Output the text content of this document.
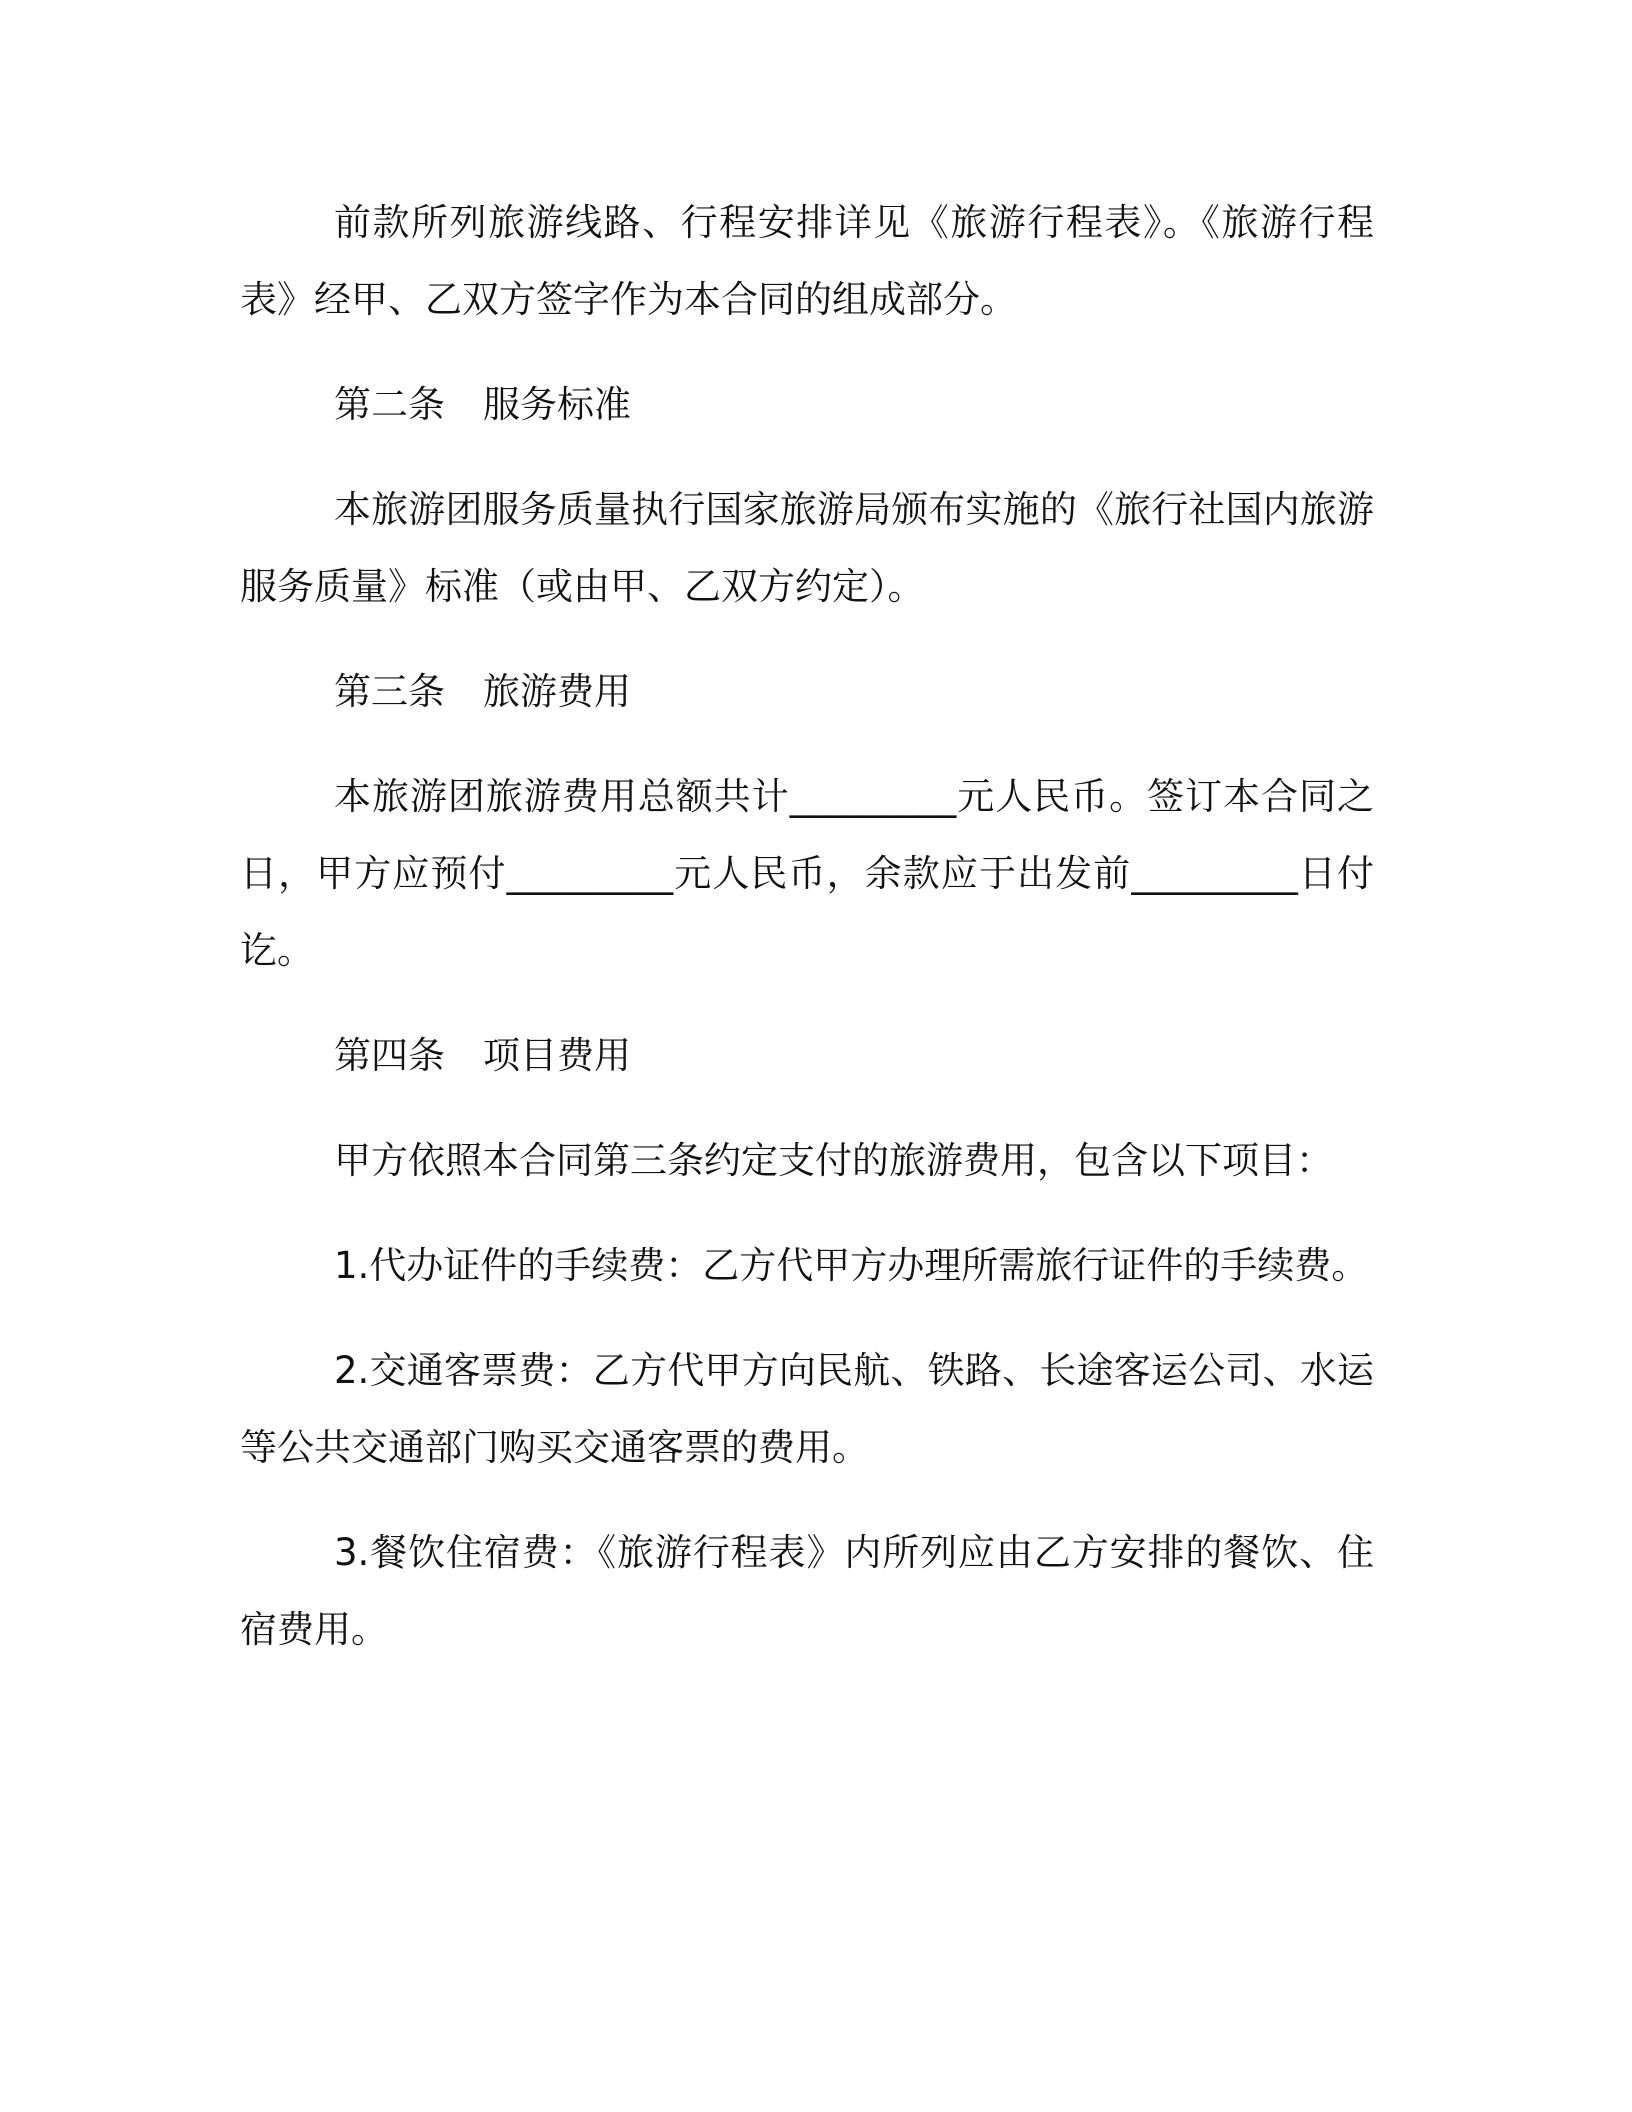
前款所列旅游线路、行程安排详见《旅游行程表》。《旅游行程表》经甲、乙双方签字作为本合同的组成部分。

第二条 服务标准

本旅游团服务质量执行国家旅游局颁布实施的《旅行社国内旅游服务质量》标准（或由甲、乙双方约定）。

第三条 旅游费用

本旅游团旅游费用总额共计_________元人民币。签订本合同之日，甲方应预付_________元人民币，余款应于出发前_________日付讫。

第四条 项目费用

甲方依照本合同第三条约定支付的旅游费用，包含以下项目：

1.代办证件的手续费：乙方代甲方办理所需旅行证件的手续费。

2.交通客票费：乙方代甲方向民航、铁路、长途客运公司、水运等公共交通部门购买交通客票的费用。

3.餐饮住宿费：《旅游行程表》内所列应由乙方安排的餐饮、住宿费用。
